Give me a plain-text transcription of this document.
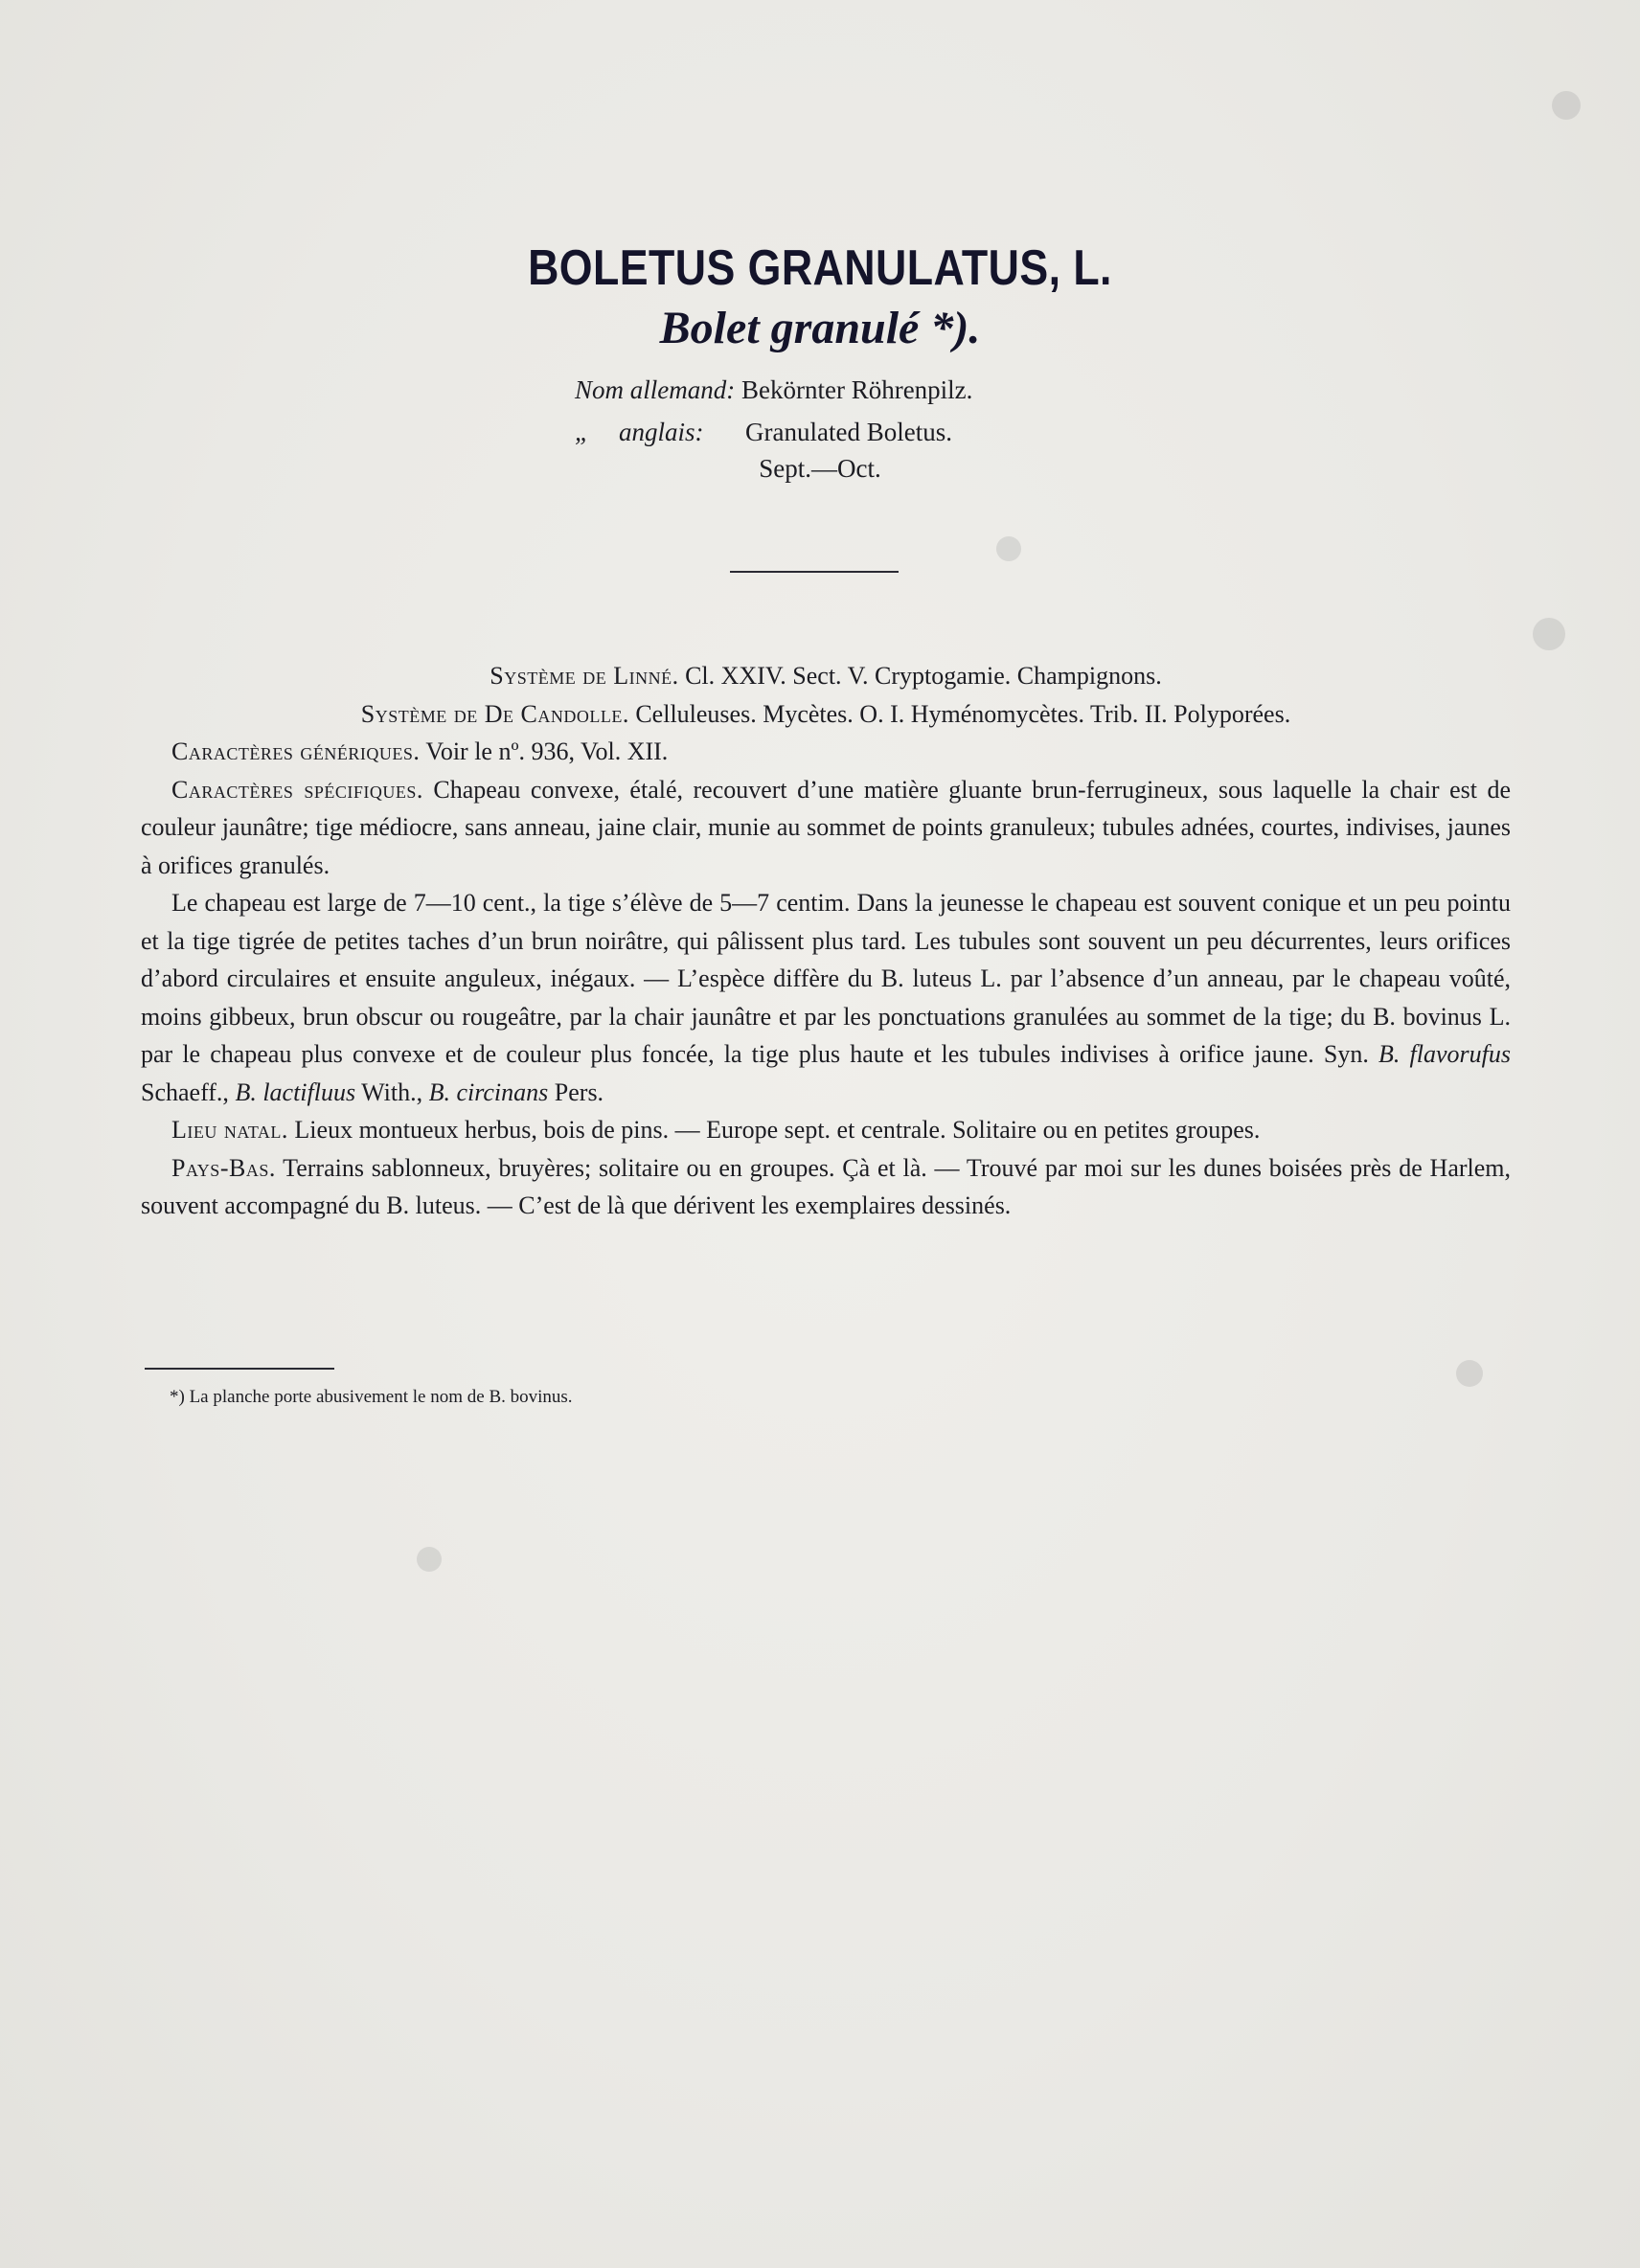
BOLETUS GRANULATUS, L.
Bolet granulé *).
Nom allemand: Bekörnter Röhrenpilz.
„ anglais: Granulated Boletus.
Sept.—Oct.

Système de Linné. Cl. XXIV. Sect. V. Cryptogamie. Champignons.

Système de De Candolle. Celluleuses. Mycètes. O. I. Hyménomycètes. Trib. II. Polyporées.

Caractères génériques. Voir le nº. 936, Vol. XII.

Caractères spécifiques. Chapeau convexe, étalé, recouvert d’une matière gluante brun-ferrugineux, sous laquelle la chair est de couleur jaunâtre; tige médiocre, sans anneau, jaine clair, munie au sommet de points granuleux; tubules adnées, courtes, indivises, jaunes à orifices granulés.

Le chapeau est large de 7—10 cent., la tige s’élève de 5—7 centim. Dans la jeunesse le chapeau est souvent conique et un peu pointu et la tige tigrée de petites taches d’un brun noirâtre, qui pâlissent plus tard. Les tubules sont souvent un peu décurrentes, leurs orifices d’abord circulaires et ensuite anguleux, inégaux. — L’espèce diffère du B. luteus L. par l’absence d’un anneau, par le chapeau voûté, moins gibbeux, brun obscur ou rougeâtre, par la chair jaunâtre et par les ponctuations granulées au sommet de la tige; du B. bovinus L. par le chapeau plus convexe et de couleur plus foncée, la tige plus haute et les tubules indivises à orifice jaune. Syn. B. flavorufus Schaeff., B. lactifluus With., B. circinans Pers.

Lieu natal. Lieux montueux herbus, bois de pins. — Europe sept. et centrale. Solitaire ou en petites groupes.

Pays-Bas. Terrains sablonneux, bruyères; solitaire ou en groupes. Çà et là. — Trouvé par moi sur les dunes boisées près de Harlem, souvent accompagné du B. luteus. — C’est de là que dérivent les exemplaires dessinés.

*) La planche porte abusivement le nom de B. bovinus.
